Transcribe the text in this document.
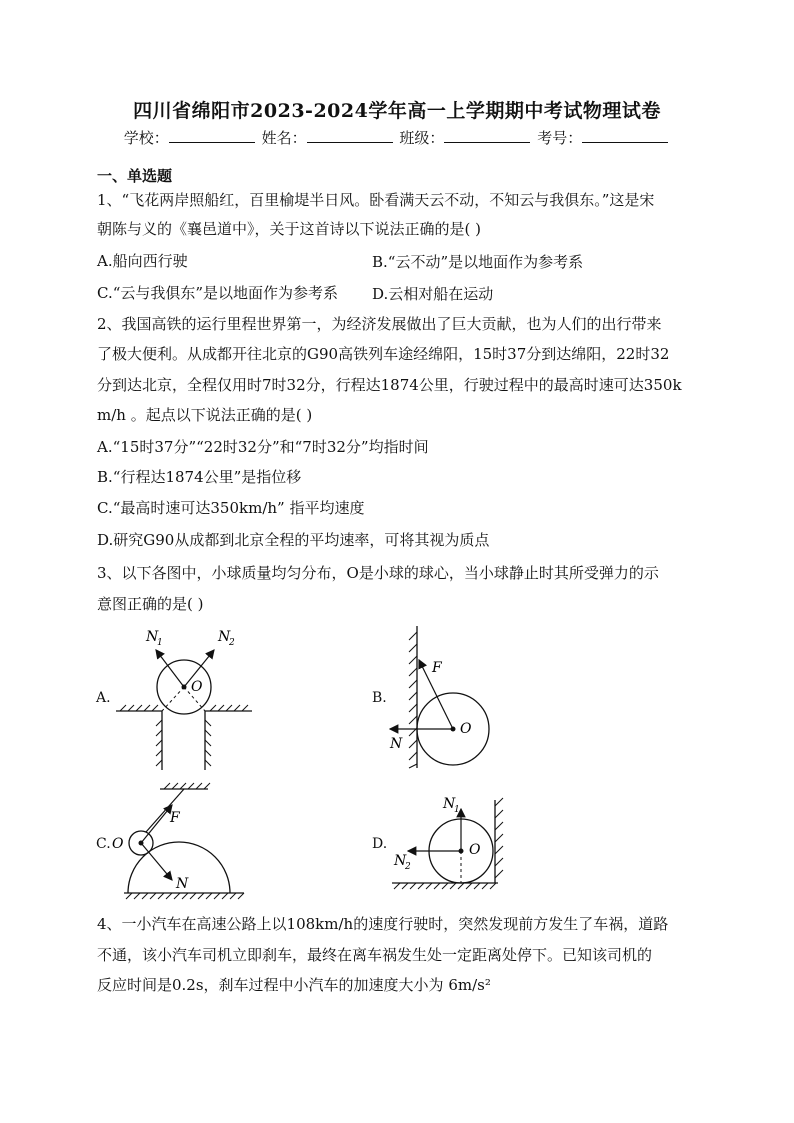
四川省绵阳市2023-2024学年高一上学期期中考试物理试卷
学校：	姓名：	班级：	考号：
一、单选题
1、“飞花两岸照船红，百里榆堤半日风。卧看满天云不动，不知云与我俱东。”这是宋
朝陈与义的《襄邑道中》，关于这首诗以下说法正确的是( )
A.船向西行驶	B.“云不动”是以地面作为参考系
C.“云与我俱东”是以地面作为参考系 D.云相对船在运动
2、我国高铁的运行里程世界第一，为经济发展做出了巨大贡献，也为人们的出行带来
了极大便利。从成都开往北京的G90高铁列车途经绵阳，15时37分到达绵阳，22时32
分到达北京，全程仅用时7时32分，行程达1874公里，行驶过程中的最高时速可达350k
m/h 。起点以下说法正确的是( )
A.“15时37分”“22时32分”和“7时32分”均指时间
B.“行程达1874公里”是指位移
C.“最高时速可达350km/h” 指平均速度
D.研究G90从成都到北京全程的平均速率，可将其视为质点
3、以下各图中，小球质量均匀分布，O是小球的球心，当小球静止时其所受弹力的示
意图正确的是( )
A.
N
1	N
2
O
B.
F
N
O
C.
F
N
O	D.
N
1
N
2
O
4、一小汽车在高速公路上以108km/h的速度行驶时，突然发现前方发生了车祸，道路
不通，该小汽车司机立即刹车，最终在离车祸发生处一定距离处停下。已知该司机的
反应时间是0.2s，刹车过程中小汽车的加速度大小为 6m/s²
